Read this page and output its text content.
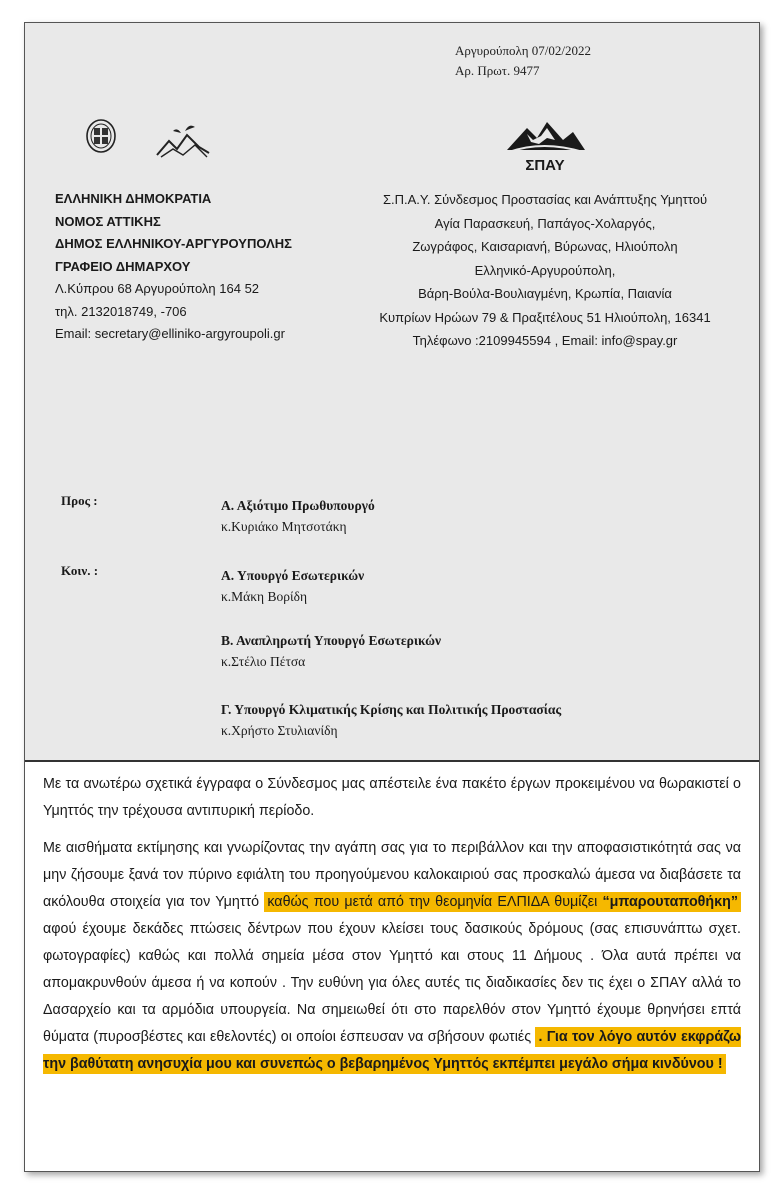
Αργυρούπολη 07/02/2022
Αρ. Πρωτ. 9477
ΣΠΑΥ
ΕΛΛΗΝΙΚΗ ΔΗΜΟΚΡΑΤΙΑ
ΝΟΜΟΣ ΑΤΤΙΚΗΣ
ΔΗΜΟΣ ΕΛΛΗΝΙΚΟΥ-ΑΡΓΥΡΟΥΠΟΛΗΣ
ΓΡΑΦΕΙΟ ΔΗΜΑΡΧΟΥ
Λ.Κύπρου 68 Αργυρούπολη 164 52
τηλ. 2132018749, -706
Email: secretary@elliniko-argyroupoli.gr
Σ.Π.Α.Υ. Σύνδεσμος Προστασίας και Ανάπτυξης Υμηττού
Αγία Παρασκευή, Παπάγος-Χολαργός,
Ζωγράφος, Καισαριανή, Βύρωνας, Ηλιούπολη
Ελληνικό-Αργυρούπολη,
Βάρη-Βούλα-Βουλιαγμένη, Κρωπία, Παιανία
Κυπρίων Ηρώων 79 & Πραξιτέλους 51 Ηλιούπολη, 16341
Τηλέφωνο :2109945594 , Email: info@spay.gr
Προς :	Α. Αξιότιμο Πρωθυπουργό
κ.Κυριάκο Μητσοτάκη
Κοιν. :	Α. Υπουργό Εσωτερικών
κ.Μάκη Βορίδη
Β. Αναπληρωτή Υπουργό Εσωτερικών
κ.Στέλιο Πέτσα
Γ. Υπουργό Κλιματικής Κρίσης και Πολιτικής Προστασίας
κ.Χρήστο Στυλιανίδη

Με τα ανωτέρω σχετικά έγγραφα ο Σύνδεσμος μας απέστειλε ένα πακέτο έργων προκειμένου να θωρακιστεί ο Υμηττός την τρέχουσα αντιπυρική περίοδο.

Με αισθήματα εκτίμησης και γνωρίζοντας την αγάπη σας για το περιβάλλον και την αποφασιστικότητά σας να μην ζήσουμε ξανά τον πύρινο εφιάλτη του προηγούμενου καλοκαιριού σας προσκαλώ άμεσα να διαβάσετε τα ακόλουθα στοιχεία για τον Υμηττό καθώς που μετά από την θεομηνία ΕΛΠΙΔΑ θυμίζει “μπαρουταποθήκη” αφού έχουμε δεκάδες πτώσεις δέντρων που έχουν κλείσει τους δασικούς δρόμους (σας επισυνάπτω σχετ. φωτογραφίες) καθώς και πολλά σημεία μέσα στον Υμηττό και στους 11 Δήμους . Όλα αυτά πρέπει να απομακρυνθούν άμεσα ή να κοπούν . Την ευθύνη για όλες αυτές τις διαδικασίες δεν τις έχει ο ΣΠΑΥ αλλά το Δασαρχείο και τα αρμόδια υπουργεία. Να σημειωθεί ότι στο παρελθόν στον Υμηττό έχουμε θρηνήσει επτά θύματα (πυροσβέστες και εθελοντές) οι οποίοι έσπευσαν να σβήσουν φωτιές . Για τον λόγο αυτόν εκφράζω την βαθύτατη ανησυχία μου και συνεπώς ο βεβαρημένος Υμηττός εκπέμπει μεγάλο σήμα κινδύνου !
